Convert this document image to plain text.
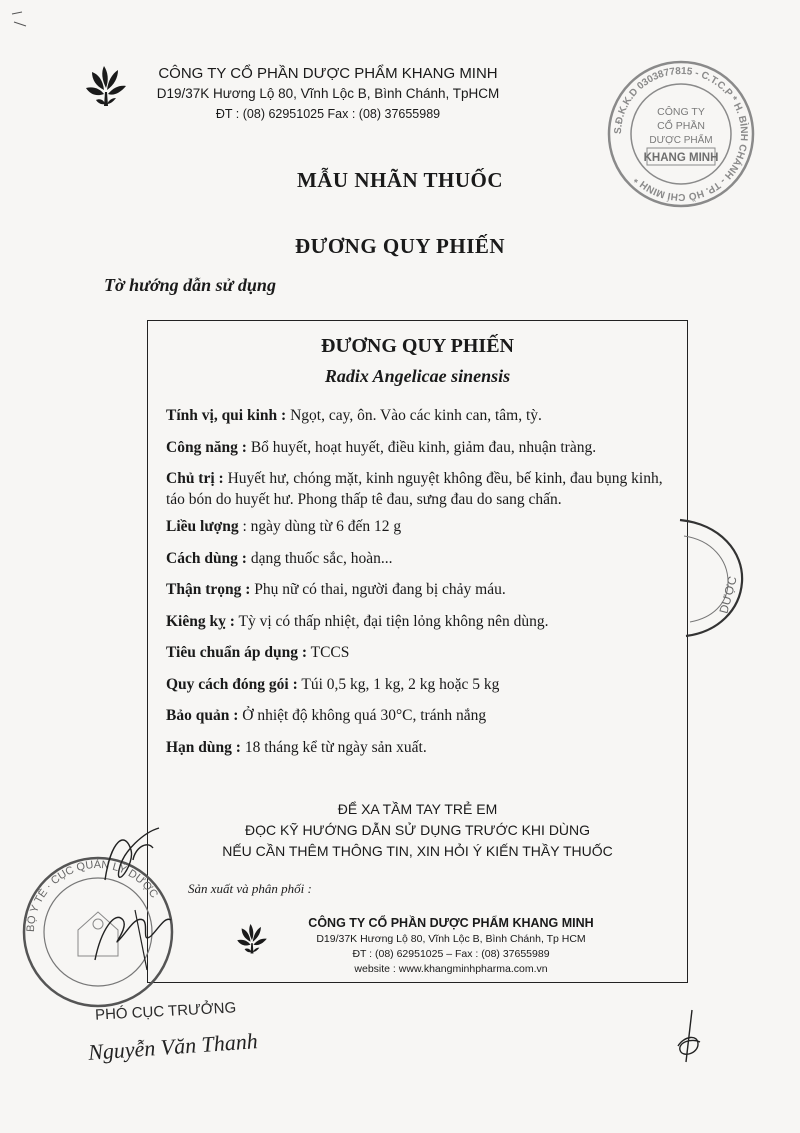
CÔNG TY CỔ PHẦN DƯỢC PHẨM KHANG MINH
D19/37K Hương Lộ 80, Vĩnh Lộc B, Bình Chánh, TpHCM
ĐT : (08) 62951025 Fax : (08) 37655989
S.Đ.K.K.D 0303877815 - C.T.C.P * H. BÌNH CHÁNH - TP. HỒ CHÍ MINH *
CÔNG TY
CỔ PHẦN
DƯỢC PHẨM
KHANG MINH
MẪU NHÃN THUỐC
ĐƯƠNG QUY PHIẾN
Tờ hướng dẫn sử dụng
ĐƯƠNG QUY PHIẾN
Radix Angelicae sinensis
Tính vị, qui kinh : Ngọt, cay, ôn. Vào các kinh can, tâm, tỳ.
Công năng : Bổ huyết, hoạt huyết, điều kinh, giảm đau, nhuận tràng.
Chủ trị : Huyết hư, chóng mặt, kinh nguyệt không đều, bế kinh, đau bụng kinh, táo bón do huyết hư. Phong thấp tê đau, sưng đau do sang chấn.
Liều lượng : ngày dùng từ 6 đến 12 g
Cách dùng : dạng thuốc sắc, hoàn...
Thận trọng : Phụ nữ có thai, người đang bị chảy máu.
Kiêng kỵ : Tỳ vị có thấp nhiệt, đại tiện lỏng không nên dùng.
Tiêu chuẩn áp dụng : TCCS
Quy cách đóng gói : Túi 0,5 kg, 1 kg, 2 kg hoặc 5 kg
Bảo quản : Ở nhiệt độ không quá 30°C, tránh nắng
Hạn dùng : 18 tháng kể từ ngày sản xuất.
ĐỂ XA TẦM TAY TRẺ EM
ĐỌC KỸ HƯỚNG DẪN SỬ DỤNG TRƯỚC KHI DÙNG
NẾU CẦN THÊM THÔNG TIN, XIN HỎI Ý KIẾN THẦY THUỐC
Sản xuất và phân phối :
CÔNG TY CỔ PHẦN DƯỢC PHẨM KHANG MINH
D19/37K Hương Lộ 80, Vĩnh Lộc B, Bình Chánh, Tp HCM
ĐT : (08) 62951025 – Fax : (08) 37655989
website : www.khangminhpharma.com.vn
DƯỢC
BỘ Y TẾ · CỤC QUẢN LÝ DƯỢC
PHÓ CỤC TRƯỞNG
Nguyễn Văn Thanh
